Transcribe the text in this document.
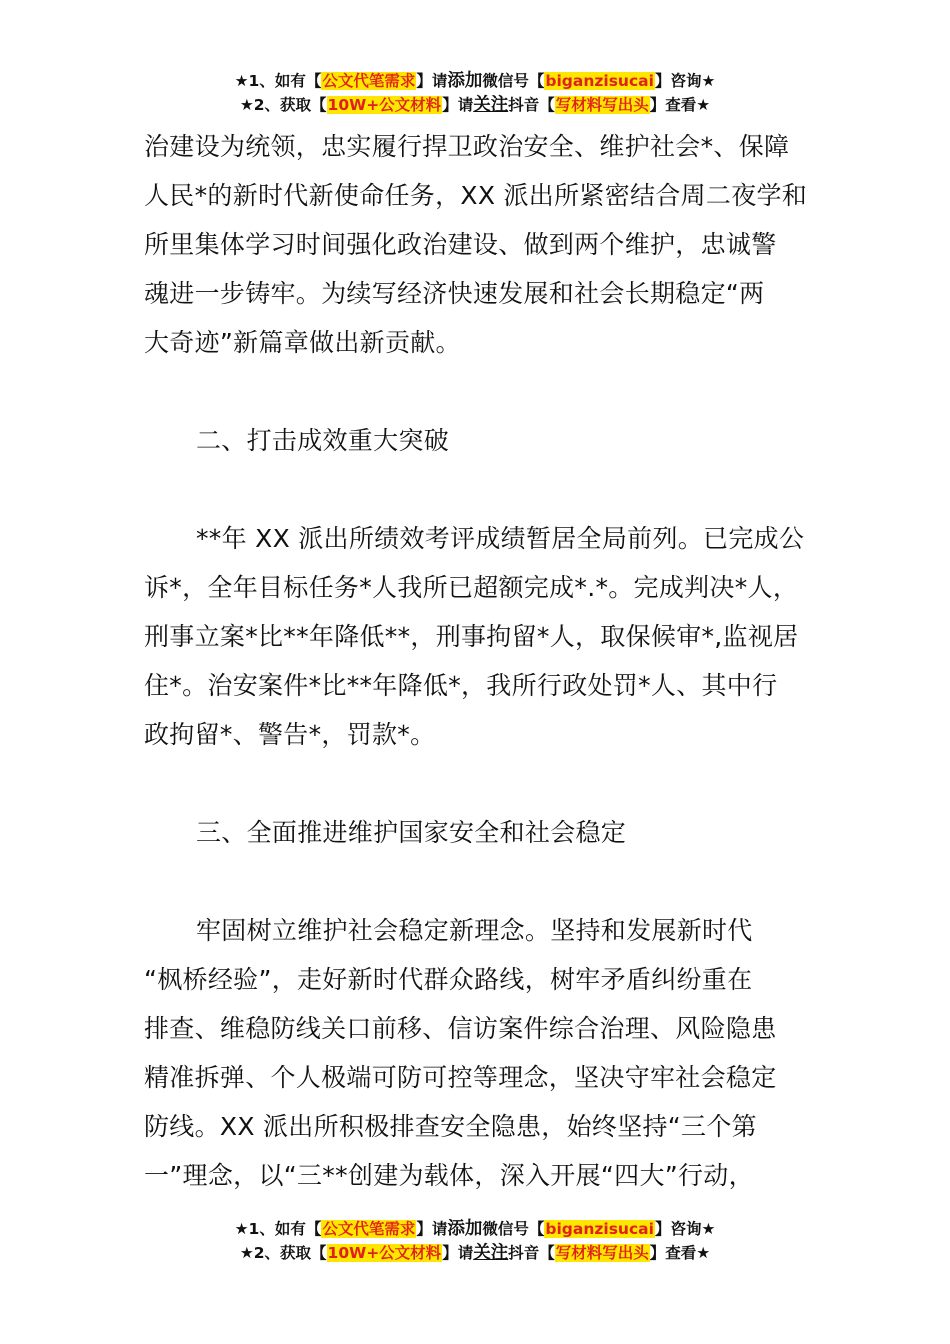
★1、如有【公文代笔需求】请添加微信号【biganzisucai】咨询★
★2、获取【10W+公文材料】请关注抖音【写材料写出头】查看★
治建设为统领，忠实履行捍卫政治安全、维护社会*、保障
人民*的新时代新使命任务，XX 派出所紧密结合周二夜学和
所里集体学习时间强化政治建设、做到两个维护，忠诚警
魂进一步铸牢。为续写经济快速发展和社会长期稳定“两
大奇迹”新篇章做出新贡献。
二、打击成效重大突破
**年 XX 派出所绩效考评成绩暂居全局前列。已完成公
诉*，全年目标任务*人我所已超额完成*.*。完成判决*人，
刑事立案*比**年降低**，刑事拘留*人，取保候审*,监视居
住*。治安案件*比**年降低*，我所行政处罚*人、其中行
政拘留*、警告*，罚款*。
三、全面推进维护国家安全和社会稳定
牢固树立维护社会稳定新理念。坚持和发展新时代
“枫桥经验”，走好新时代群众路线，树牢矛盾纠纷重在
排查、维稳防线关口前移、信访案件综合治理、风险隐患
精准拆弹、个人极端可防可控等理念，坚决守牢社会稳定
防线。XX 派出所积极排查安全隐患，始终坚持“三个第
一”理念，以“三**创建为载体，深入开展“四大”行动，
★1、如有【公文代笔需求】请添加微信号【biganzisucai】咨询★
★2、获取【10W+公文材料】请关注抖音【写材料写出头】查看★
